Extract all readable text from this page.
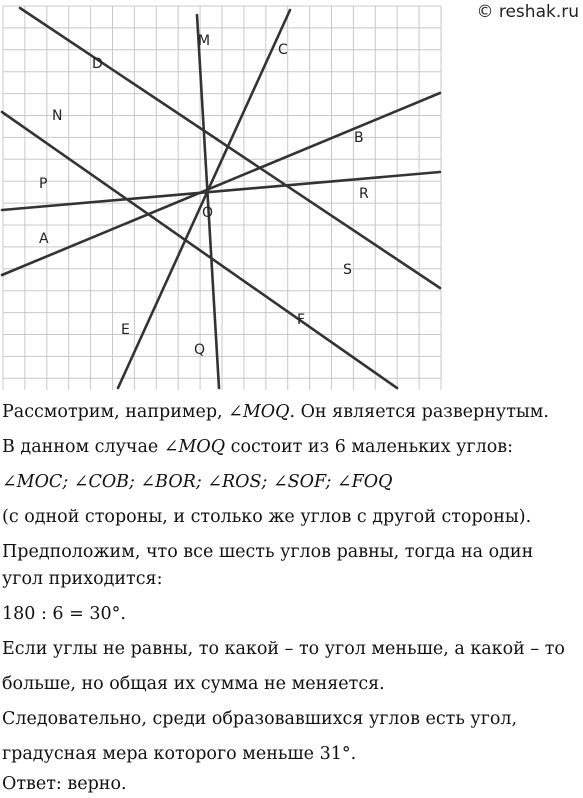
© reshak.ru
M
C
D
N
B
P
R
O
A
S
F
E
Q
Рассмотрим, например, ∠MOQ. Он является развернутым.
В данном случае ∠MOQ состоит из 6 маленьких углов:
∠MOC; ∠COB; ∠BOR; ∠ROS; ∠SOF; ∠FOQ
(с одной стороны, и столько же углов с другой стороны).
Предположим, что все шесть углов равны, тогда на один
угол приходится:
180 : 6 = 30°.
Если углы не равны, то какой – то угол меньше, а какой – то
больше, но общая их сумма не меняется.
Следовательно, среди образовавшихся углов есть угол,
градусная мера которого меньше 31°.
Ответ: верно.
